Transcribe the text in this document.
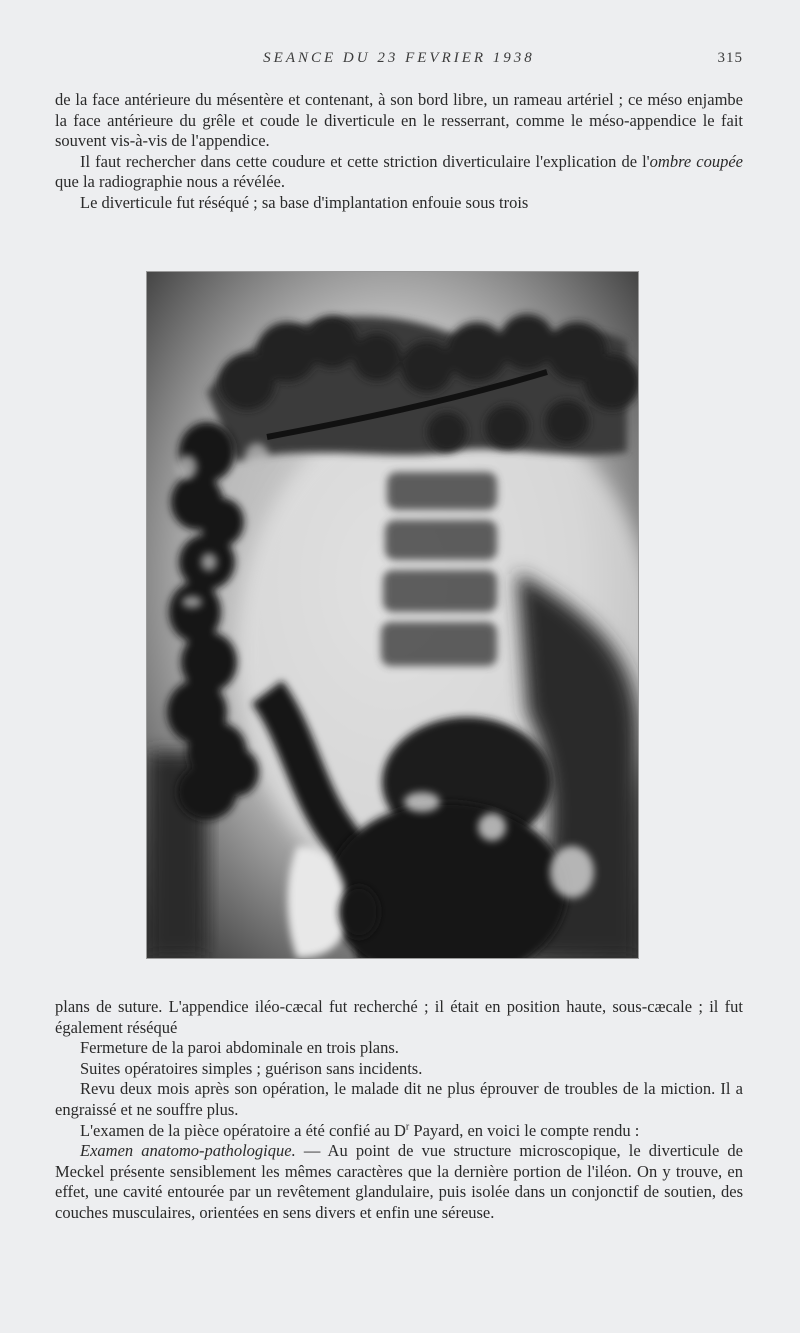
SEANCE DU 23 FEVRIER 1938	315

de la face antérieure du mésentère et contenant, à son bord libre, un rameau artériel ; ce méso enjambe la face antérieure du grêle et coude le diverticule en le resserrant, comme le méso-appendice le fait souvent vis-à-vis de l'appendice.

Il faut rechercher dans cette coudure et cette striction diverticulaire l'explication de l'ombre coupée que la radiographie nous a révélée.

Le diverticule fut réséqué ; sa base d'implantation enfouie sous trois

plans de suture. L'appendice iléo-cæcal fut recherché ; il était en position haute, sous-cæcale ; il fut également réséqué

Fermeture de la paroi abdominale en trois plans.

Suites opératoires simples ; guérison sans incidents.

Revu deux mois après son opération, le malade dit ne plus éprouver de troubles de la miction. Il a engraissé et ne souffre plus.

L'examen de la pièce opératoire a été confié au $D^r$ Payard, en voici le compte rendu :

Examen anatomo-pathologique. — Au point de vue structure microscopique, le diverticule de Meckel présente sensiblement les mêmes caractères que la dernière portion de l'iléon. On y trouve, en effet, une cavité entourée par un revêtement glandulaire, puis isolée dans un conjonctif de soutien, des couches musculaires, orientées en sens divers et enfin une séreuse.
